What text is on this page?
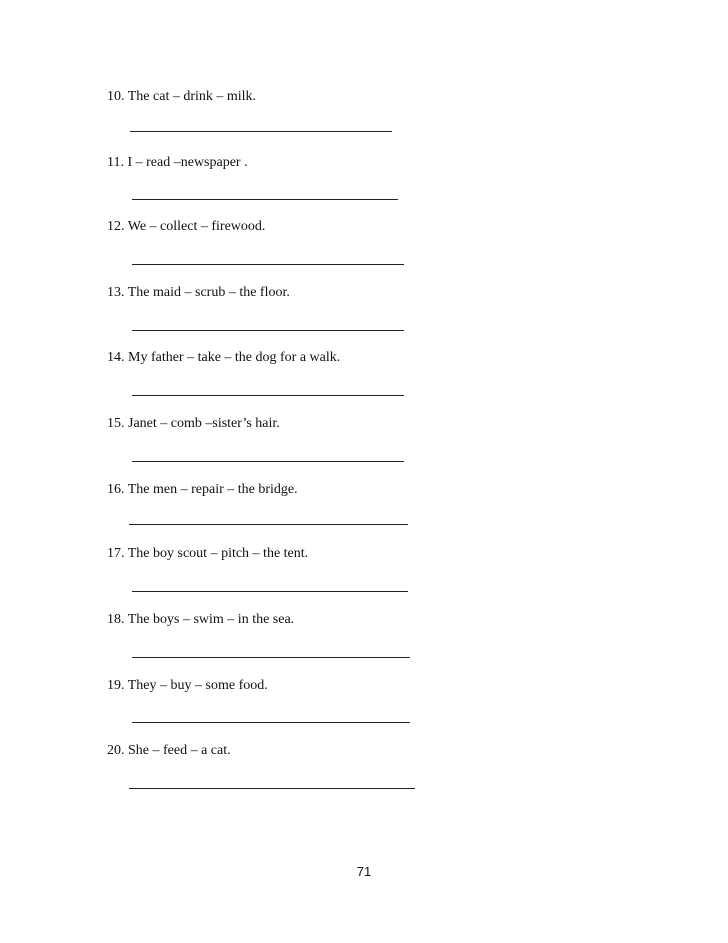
10. The cat – drink – milk.
11. I – read –newspaper .
12. We – collect – firewood.
13. The maid – scrub – the floor.
14. My father – take – the dog for a walk.
15. Janet – comb –sister’s hair.
16. The men – repair – the bridge.
17. The boy scout – pitch – the tent.
18. The boys – swim – in the sea.
19. They – buy – some food.
20. She – feed – a cat.
71
